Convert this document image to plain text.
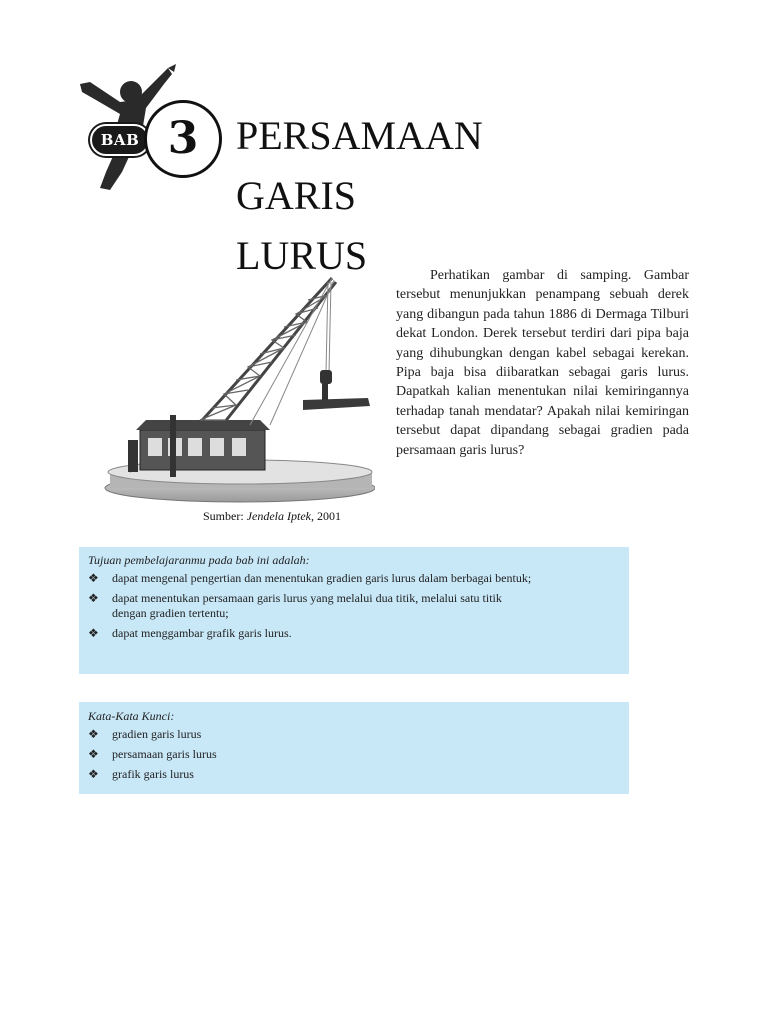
BAB 3 PERSAMAAN
GARIS LURUS

Sumber: Jendela Iptek, 2001

Perhatikan gambar di samping. Gambar tersebut menunjukkan penampang sebuah derek yang dibangun pada tahun 1886 di Dermaga Tilburi dekat London. Derek tersebut terdiri dari pipa baja yang dihubungkan dengan kabel sebagai kerekan. Pipa baja bisa diibaratkan sebagai garis lurus. Dapatkah kalian menentukan nilai kemiringannya terhadap tanah mendatar? Apakah nilai kemiringan tersebut dapat dipandang sebagai gradien pada persamaan garis lurus?

Tujuan pembelajaranmu pada bab ini adalah:

❖ dapat mengenal pengertian dan menentukan gradien garis lurus dalam berbagai bentuk;
❖ dapat menentukan persamaan garis lurus yang melalui dua titik, melalui satu titik dengan gradien tertentu;
❖ dapat menggambar grafik garis lurus.

Kata-Kata Kunci:

❖ gradien garis lurus
❖ persamaan garis lurus
❖ grafik garis lurus
